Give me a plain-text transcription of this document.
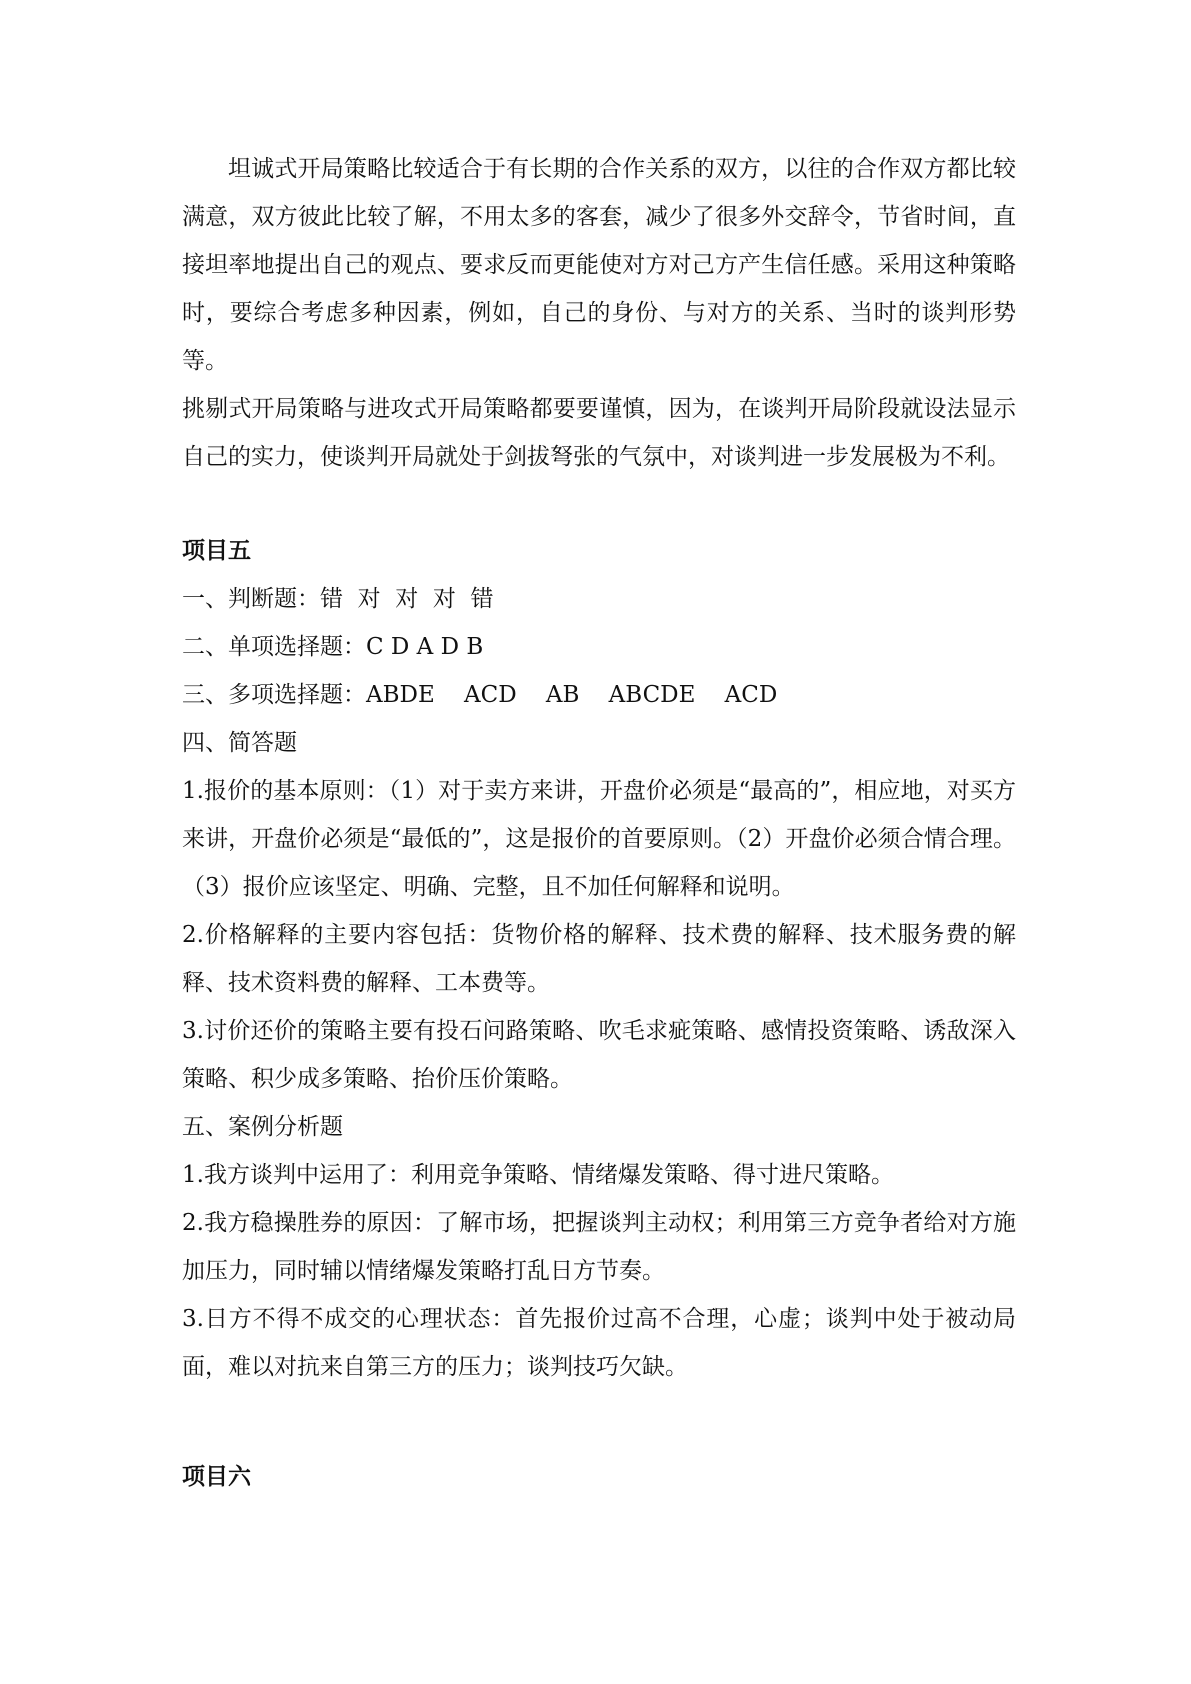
坦诚式开局策略比较适合于有长期的合作关系的双方，以往的合作双方都比较满意，双方彼此比较了解，不用太多的客套，减少了很多外交辞令，节省时间，直接坦率地提出自己的观点、要求反而更能使对方对己方产生信任感。采用这种策略时，要综合考虑多种因素，例如，自己的身份、与对方的关系、当时的谈判形势等。

挑剔式开局策略与进攻式开局策略都要要谨慎，因为，在谈判开局阶段就设法显示自己的实力，使谈判开局就处于剑拔弩张的气氛中，对谈判进一步发展极为不利。

项目五

一、判断题：错  对  对  对  错

二、单项选择题：C D A D B

三、多项选择题：ABDE    ACD    AB    ABCDE    ACD

四、简答题

1.报价的基本原则：（1）对于卖方来讲，开盘价必须是“最高的”，相应地，对买方来讲，开盘价必须是“最低的”，这是报价的首要原则。（2）开盘价必须合情合理。（3）报价应该坚定、明确、完整，且不加任何解释和说明。

2.价格解释的主要内容包括：货物价格的解释、技术费的解释、技术服务费的解释、技术资料费的解释、工本费等。

3.讨价还价的策略主要有投石问路策略、吹毛求疵策略、感情投资策略、诱敌深入策略、积少成多策略、抬价压价策略。

五、案例分析题

1.我方谈判中运用了：利用竞争策略、情绪爆发策略、得寸进尺策略。

2.我方稳操胜券的原因：了解市场，把握谈判主动权；利用第三方竞争者给对方施加压力，同时辅以情绪爆发策略打乱日方节奏。

3.日方不得不成交的心理状态：首先报价过高不合理，心虚；谈判中处于被动局面，难以对抗来自第三方的压力；谈判技巧欠缺。

项目六
